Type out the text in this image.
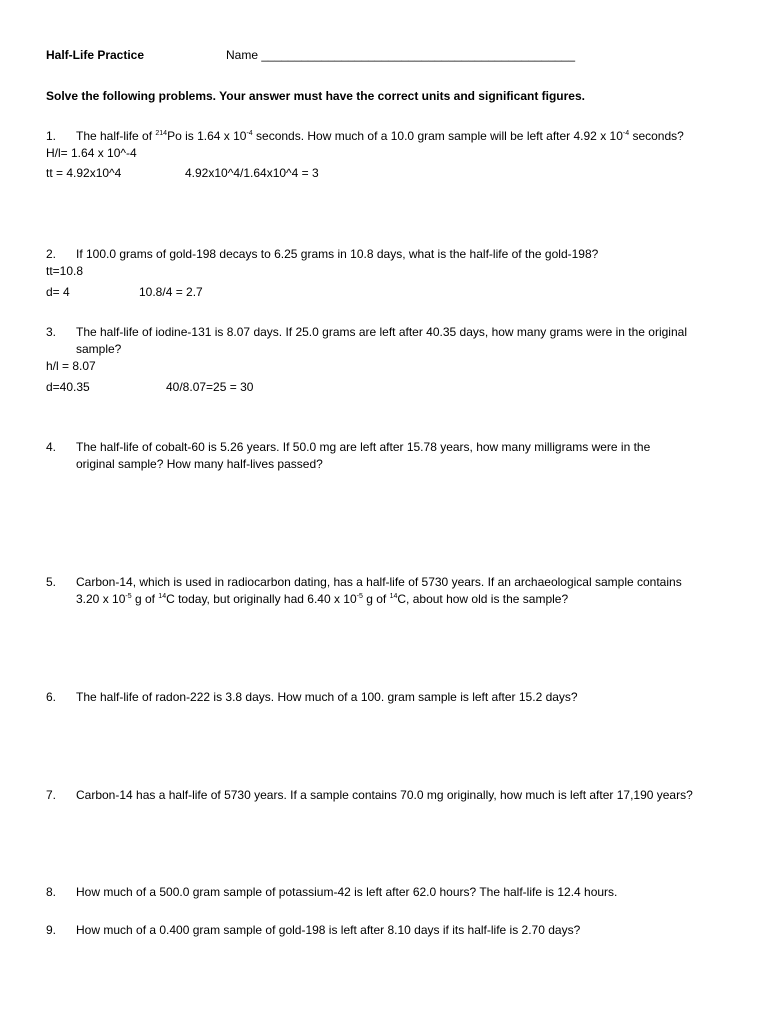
Half-Life Practice	Name _______________________________________________
Solve the following problems. Your answer must have the correct units and significant figures.
1.	The half-life of $^{214}$Po is 1.64 x $10^{-4}$ seconds. How much of a 10.0 gram sample will be left after 4.92 x $10^{-4}$ seconds?
H/l= 1.64 x 10^-4
tt = 4.92x10^4	4.92x10^4/1.64x10^4 = 3
2.	If 100.0 grams of gold-198 decays to 6.25 grams in 10.8 days, what is the half-life of the gold-198?
tt=10.8
d= 4	10.8/4 = 2.7
3.	The half-life of iodine-131 is 8.07 days. If 25.0 grams are left after 40.35 days, how many grams were in the original
sample?
h/l = 8.07
d=40.35	40/8.07=25 = 30
4.	The half-life of cobalt-60 is 5.26 years. If 50.0 mg are left after 15.78 years, how many milligrams were in the
original sample? How many half-lives passed?
5.	Carbon-14, which is used in radiocarbon dating, has a half-life of 5730 years. If an archaeological sample contains
3.20 x $10^{-5}$ g of $^{14}$C today, but originally had 6.40 x $10^{-5}$ g of $^{14}$C, about how old is the sample?
6.	The half-life of radon-222 is 3.8 days. How much of a 100. gram sample is left after 15.2 days?
7.	Carbon-14 has a half-life of 5730 years. If a sample contains 70.0 mg originally, how much is left after 17,190 years?
8.	How much of a 500.0 gram sample of potassium-42 is left after 62.0 hours? The half-life is 12.4 hours.
9.	How much of a 0.400 gram sample of gold-198 is left after 8.10 days if its half-life is 2.70 days?
